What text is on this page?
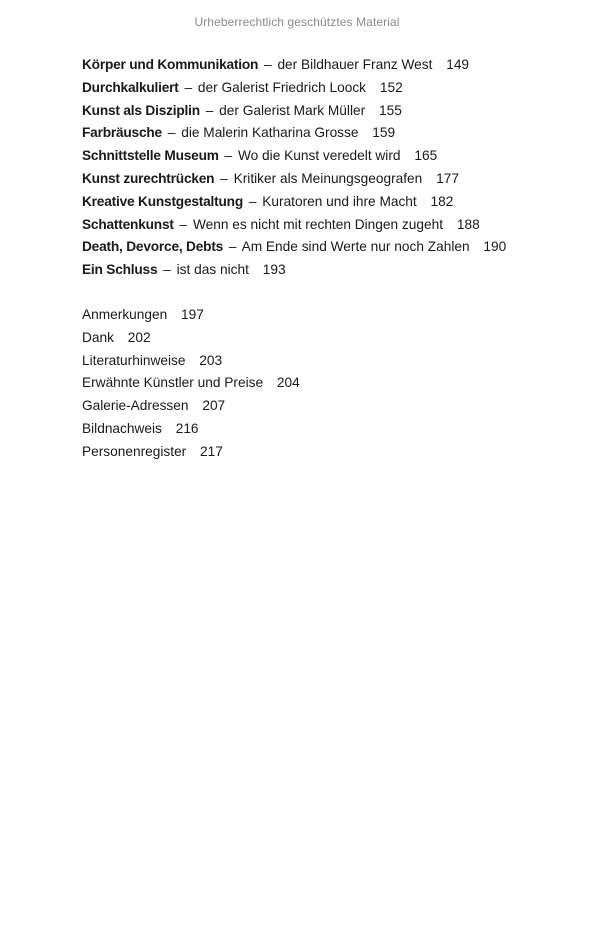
Urheberrechtlich geschütztes Material
Körper und Kommunikation – der Bildhauer Franz West 149
Durchkalkuliert – der Galerist Friedrich Loock 152
Kunst als Disziplin – der Galerist Mark Müller 155
Farbräusche – die Malerin Katharina Grosse 159
Schnittstelle Museum – Wo die Kunst veredelt wird 165
Kunst zurechtrücken – Kritiker als Meinungsgeografen 177
Kreative Kunstgestaltung – Kuratoren und ihre Macht 182
Schattenkunst – Wenn es nicht mit rechten Dingen zugeht 188
Death, Devorce, Debts – Am Ende sind Werte nur noch Zahlen 190
Ein Schluss – ist das nicht 193
Anmerkungen 197
Dank 202
Literaturhinweise 203
Erwähnte Künstler und Preise 204
Galerie-Adressen 207
Bildnachweis 216
Personenregister 217
